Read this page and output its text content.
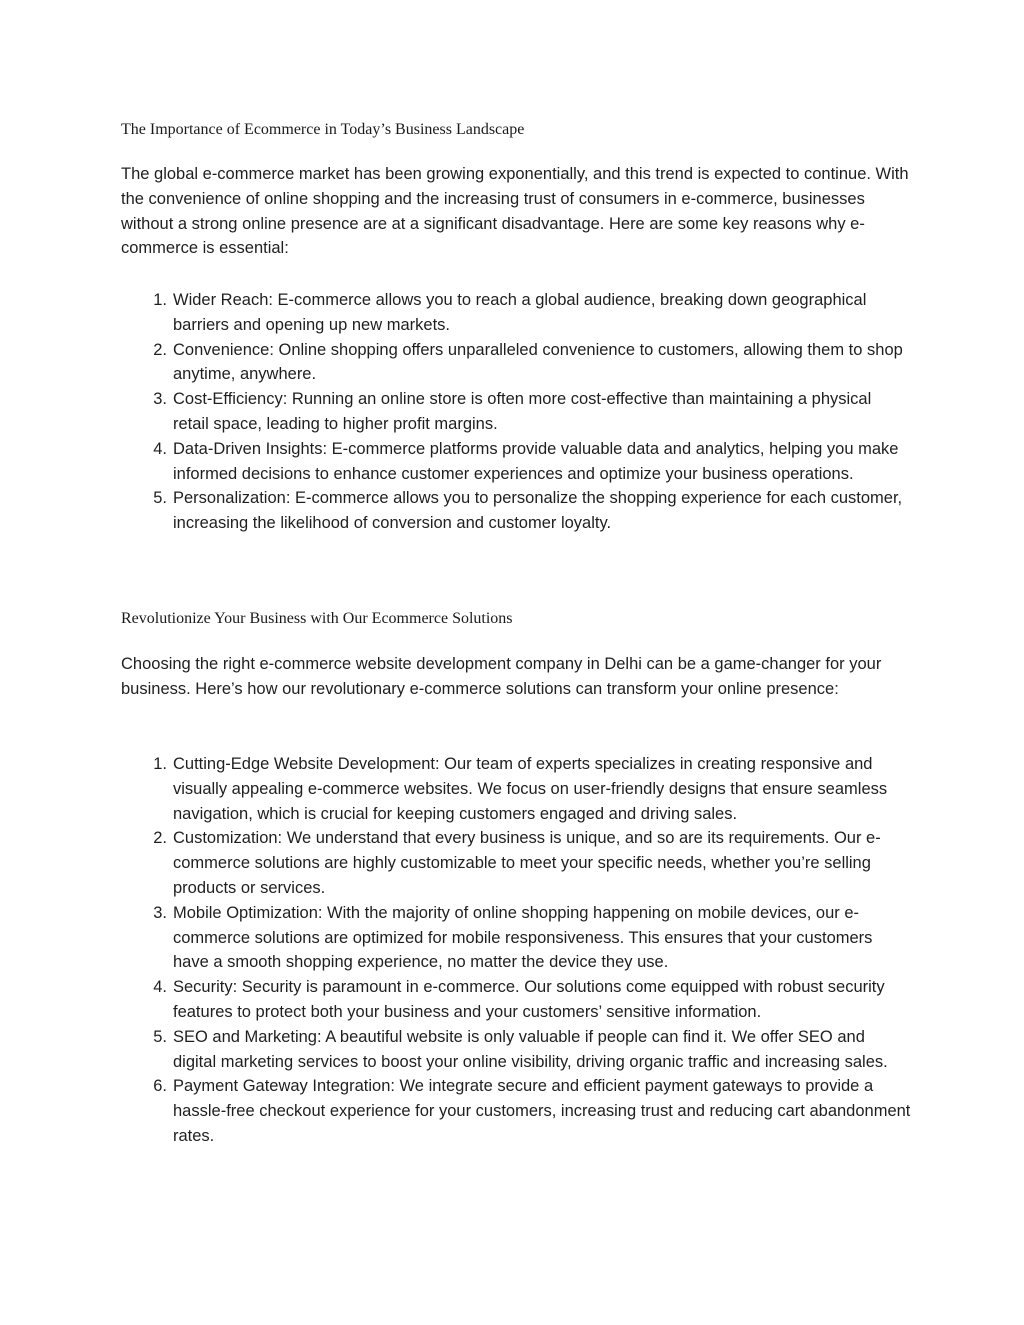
The Importance of Ecommerce in Today’s Business Landscape

The global e-commerce market has been growing exponentially, and this trend is expected to continue. With the convenience of online shopping and the increasing trust of consumers in e-commerce, businesses without a strong online presence are at a significant disadvantage. Here are some key reasons why e-commerce is essential:

1. Wider Reach: E-commerce allows you to reach a global audience, breaking down geographical barriers and opening up new markets.
2. Convenience: Online shopping offers unparalleled convenience to customers, allowing them to shop anytime, anywhere.
3. Cost-Efficiency: Running an online store is often more cost-effective than maintaining a physical retail space, leading to higher profit margins.
4. Data-Driven Insights: E-commerce platforms provide valuable data and analytics, helping you make informed decisions to enhance customer experiences and optimize your business operations.
5. Personalization: E-commerce allows you to personalize the shopping experience for each customer, increasing the likelihood of conversion and customer loyalty.
Revolutionize Your Business with Our Ecommerce Solutions

Choosing the right e-commerce website development company in Delhi can be a game-changer for your business. Here’s how our revolutionary e-commerce solutions can transform your online presence:

1. Cutting-Edge Website Development: Our team of experts specializes in creating responsive and visually appealing e-commerce websites. We focus on user-friendly designs that ensure seamless navigation, which is crucial for keeping customers engaged and driving sales.
2. Customization: We understand that every business is unique, and so are its requirements. Our e-commerce solutions are highly customizable to meet your specific needs, whether you’re selling products or services.
3. Mobile Optimization: With the majority of online shopping happening on mobile devices, our e-commerce solutions are optimized for mobile responsiveness. This ensures that your customers have a smooth shopping experience, no matter the device they use.
4. Security: Security is paramount in e-commerce. Our solutions come equipped with robust security features to protect both your business and your customers’ sensitive information.
5. SEO and Marketing: A beautiful website is only valuable if people can find it. We offer SEO and digital marketing services to boost your online visibility, driving organic traffic and increasing sales.
6. Payment Gateway Integration: We integrate secure and efficient payment gateways to provide a hassle-free checkout experience for your customers, increasing trust and reducing cart abandonment rates.
